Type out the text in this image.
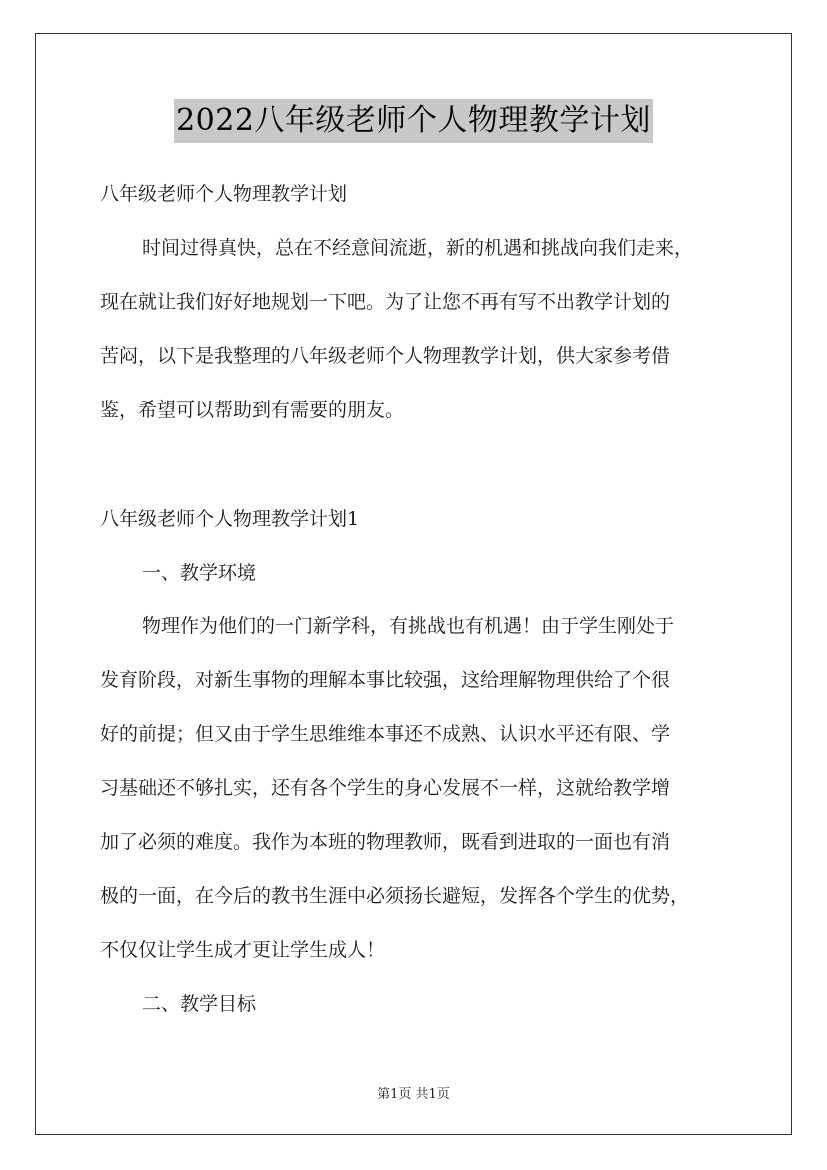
2022八年级老师个人物理教学计划
八年级老师个人物理教学计划
时间过得真快，总在不经意间流逝，新的机遇和挑战向我们走来，
现在就让我们好好地规划一下吧。为了让您不再有写不出教学计划的
苦闷，以下是我整理的八年级老师个人物理教学计划，供大家参考借
鉴，希望可以帮助到有需要的朋友。
八年级老师个人物理教学计划1
一、教学环境
物理作为他们的一门新学科，有挑战也有机遇！由于学生刚处于
发育阶段，对新生事物的理解本事比较强，这给理解物理供给了个很
好的前提；但又由于学生思维维本事还不成熟、认识水平还有限、学
习基础还不够扎实，还有各个学生的身心发展不一样，这就给教学增
加了必须的难度。我作为本班的物理教师，既看到进取的一面也有消
极的一面，在今后的教书生涯中必须扬长避短，发挥各个学生的优势，
不仅仅让学生成才更让学生成人！
二、教学目标
第1页 共1页
